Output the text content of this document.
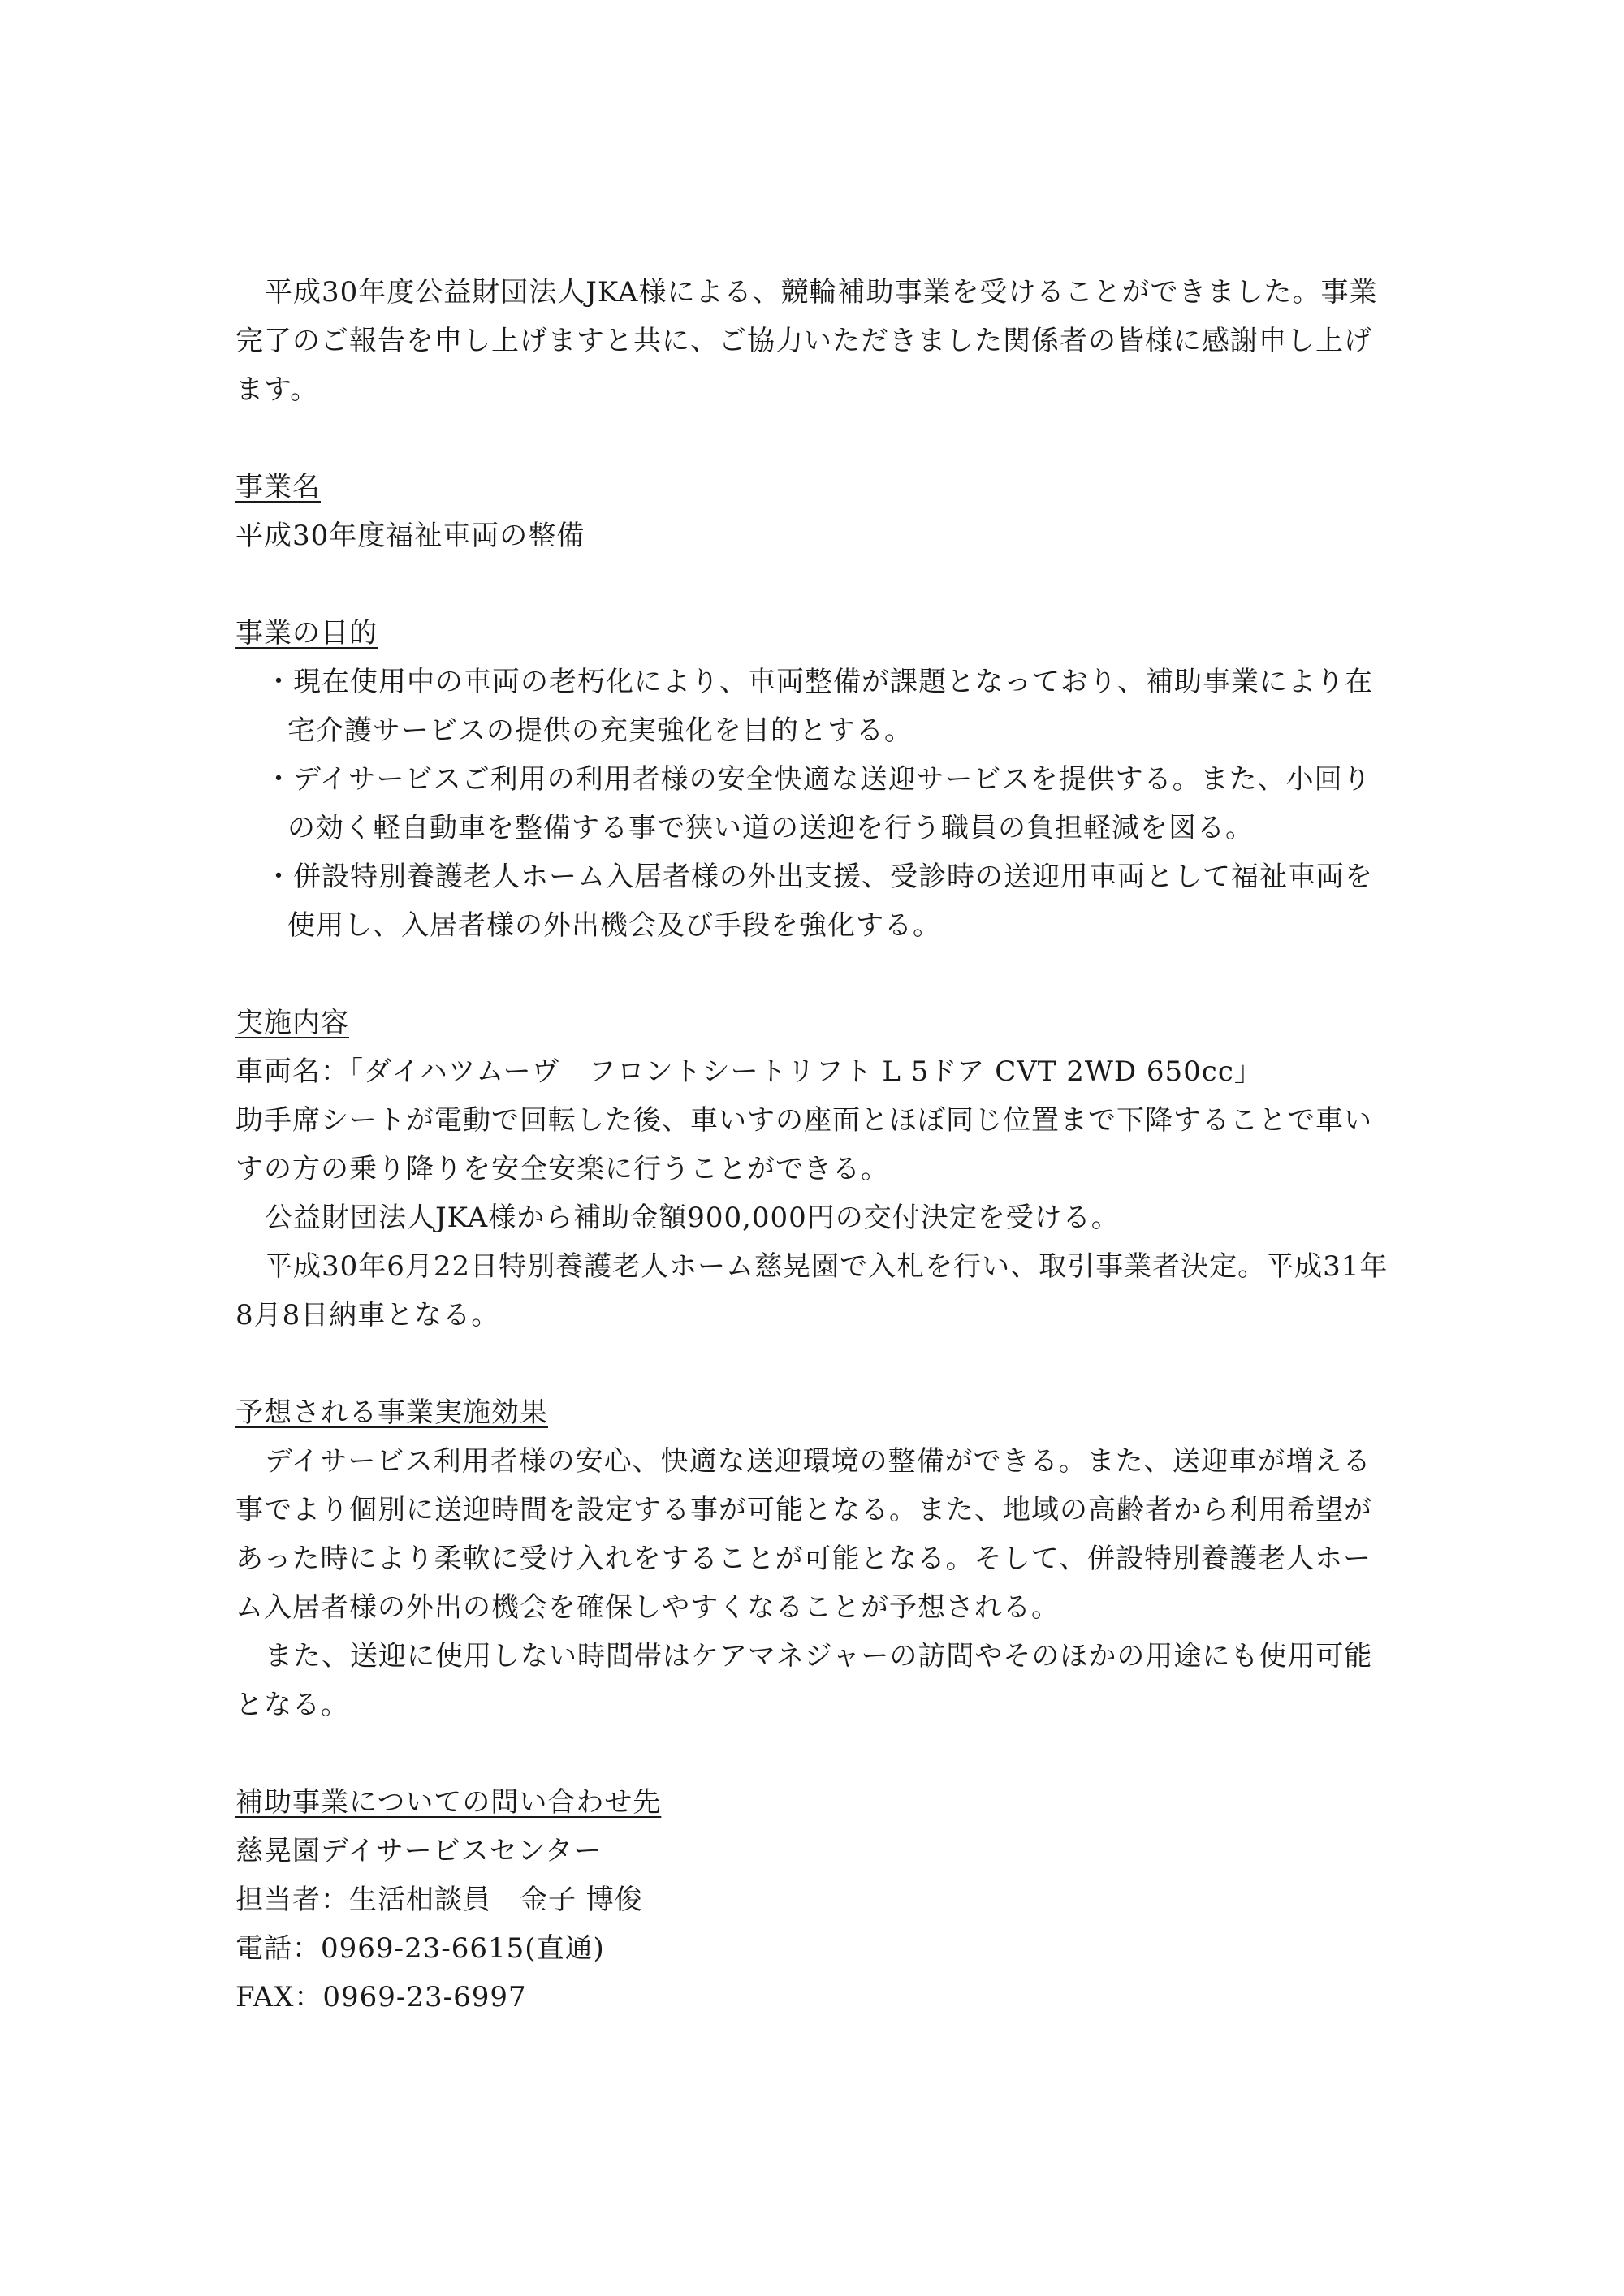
平成30年度公益財団法人JKA様による、競輪補助事業を受けることができました。事業完了のご報告を申し上げますと共に、ご協力いただきました関係者の皆様に感謝申し上げます。

事業名
平成30年度福祉車両の整備
事業の目的

・現在使用中の車両の老朽化により、車両整備が課題となっており、補助事業により在宅介護サービスの提供の充実強化を目的とする。

・デイサービスご利用の利用者様の安全快適な送迎サービスを提供する。また、小回りの効く軽自動車を整備する事で狭い道の送迎を行う職員の負担軽減を図る。

・併設特別養護老人ホーム入居者様の外出支援、受診時の送迎用車両として福祉車両を使用し、入居者様の外出機会及び手段を強化する。

実施内容
車両名：「ダイハツムーヴ　フロントシートリフト L 5ドア CVT 2WD 650cc」

助手席シートが電動で回転した後、車いすの座面とほぼ同じ位置まで下降することで車いすの方の乗り降りを安全安楽に行うことができる。

公益財団法人JKA様から補助金額900,000円の交付決定を受ける。

平成30年6月22日特別養護老人ホーム慈晃園で入札を行い、取引事業者決定。平成31年8月8日納車となる。

予想される事業実施効果

デイサービス利用者様の安心、快適な送迎環境の整備ができる。また、送迎車が増える事でより個別に送迎時間を設定する事が可能となる。また、地域の高齢者から利用希望があった時により柔軟に受け入れをすることが可能となる。そして、併設特別養護老人ホーム入居者様の外出の機会を確保しやすくなることが予想される。

また、送迎に使用しない時間帯はケアマネジャーの訪問やそのほかの用途にも使用可能となる。

補助事業についての問い合わせ先
慈晃園デイサービスセンター
担当者：生活相談員　金子 博俊
電話：0969-23-6615(直通)
FAX：0969-23-6997
